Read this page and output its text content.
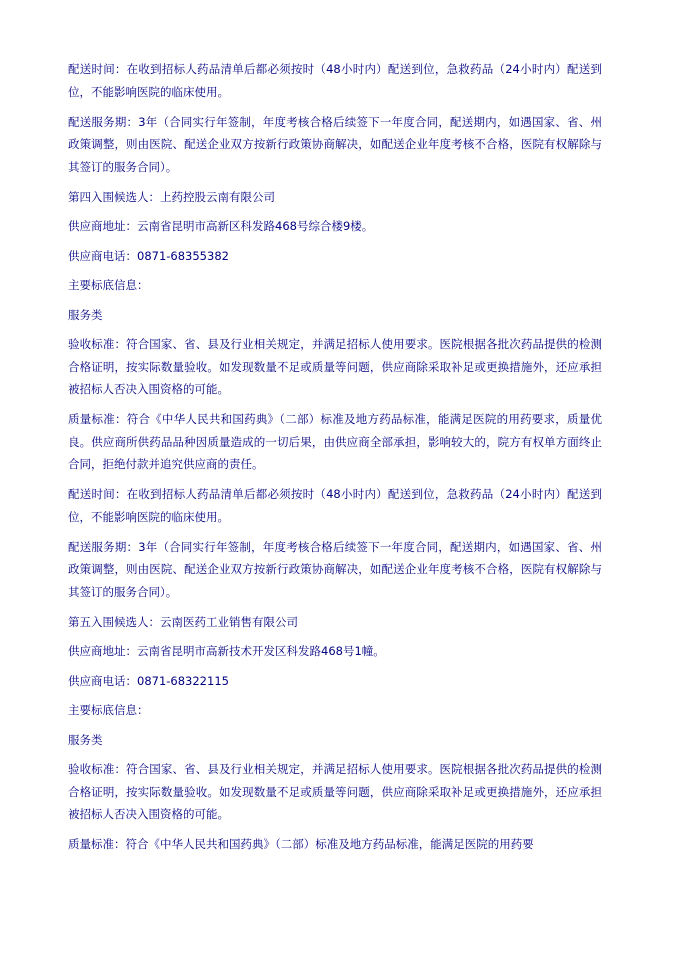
配送时间：在收到招标人药品清单后都必须按时（48小时内）配送到位，急救药品（24小时内）配送到位，不能影响医院的临床使用。

配送服务期：3年（合同实行年签制，年度考核合格后续签下一年度合同，配送期内，如遇国家、省、州政策调整，则由医院、配送企业双方按新行政策协商解决，如配送企业年度考核不合格，医院有权解除与其签订的服务合同）。

第四入围候选人：上药控股云南有限公司

供应商地址：云南省昆明市高新区科发路468号综合楼9楼。

供应商电话：0871-68355382

主要标底信息：

服务类

验收标准：符合国家、省、县及行业相关规定，并满足招标人使用要求。医院根据各批次药品提供的检测合格证明，按实际数量验收。如发现数量不足或质量等问题，供应商除采取补足或更换措施外，还应承担被招标人否决入围资格的可能。

质量标准：符合《中华人民共和国药典》（二部）标准及地方药品标准，能满足医院的用药要求，质量优良。供应商所供药品品种因质量造成的一切后果，由供应商全部承担，影响较大的，院方有权单方面终止合同，拒绝付款并追究供应商的责任。

配送时间：在收到招标人药品清单后都必须按时（48小时内）配送到位，急救药品（24小时内）配送到位，不能影响医院的临床使用。

配送服务期：3年（合同实行年签制，年度考核合格后续签下一年度合同，配送期内，如遇国家、省、州政策调整，则由医院、配送企业双方按新行政策协商解决，如配送企业年度考核不合格，医院有权解除与其签订的服务合同）。

第五入围候选人：云南医药工业销售有限公司

供应商地址：云南省昆明市高新技术开发区科发路468号1幢。

供应商电话：0871-68322115

主要标底信息：

服务类

验收标准：符合国家、省、县及行业相关规定，并满足招标人使用要求。医院根据各批次药品提供的检测合格证明，按实际数量验收。如发现数量不足或质量等问题，供应商除采取补足或更换措施外，还应承担被招标人否决入围资格的可能。

质量标准：符合《中华人民共和国药典》（二部）标准及地方药品标准，能满足医院的用药要
